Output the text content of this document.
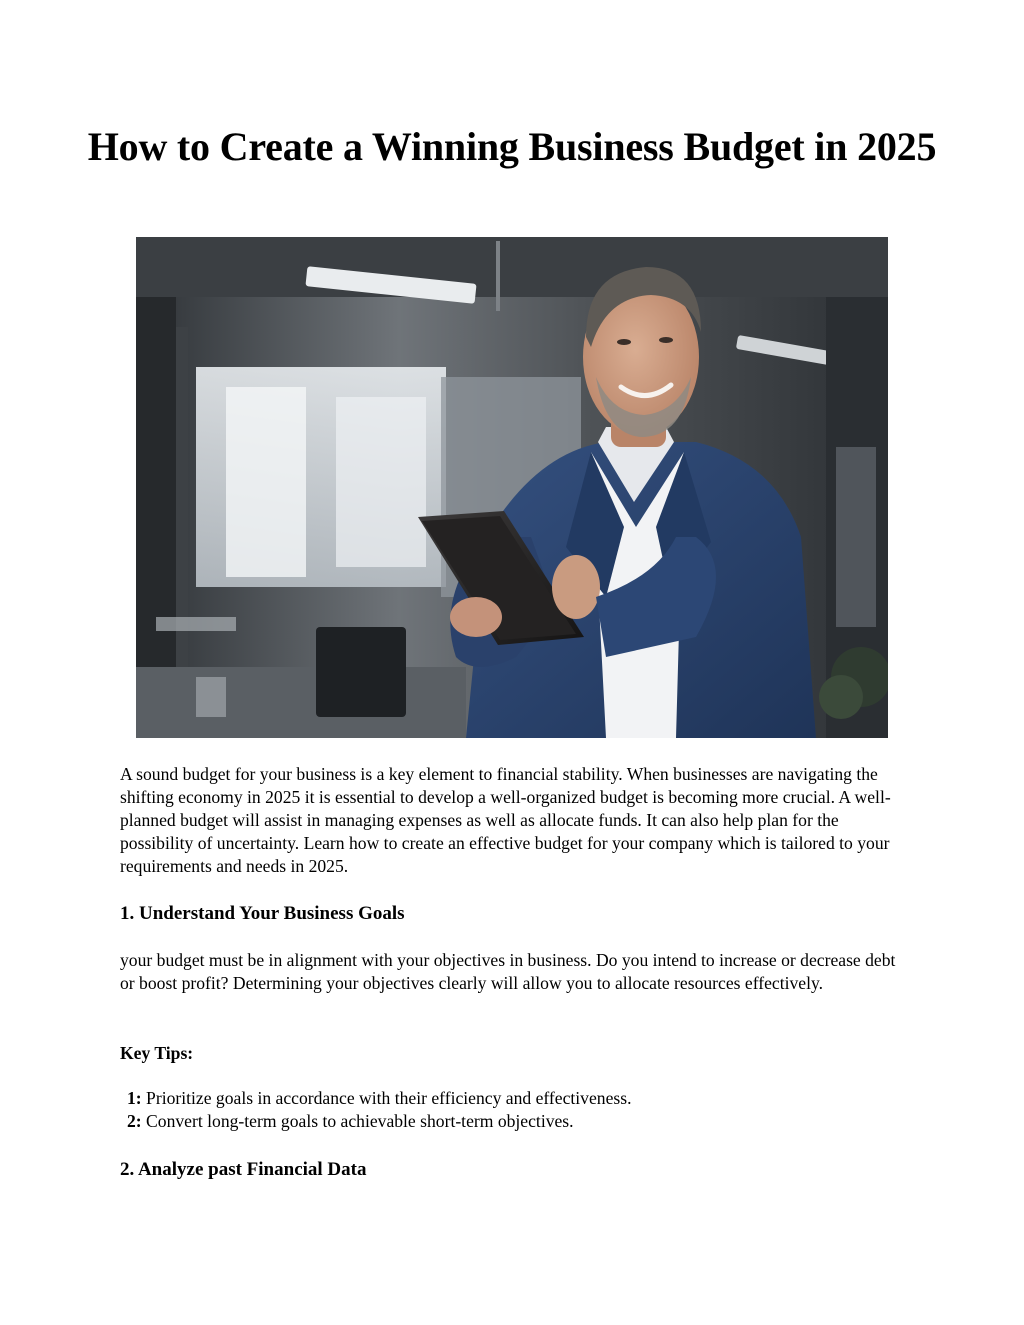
How to Create a Winning Business Budget in 2025

A sound budget for your business is a key element to financial stability. When businesses are navigating the shifting economy in 2025 it is essential to develop a well-organized budget is becoming more crucial. A well-planned budget will assist in managing expenses as well as allocate funds. It can also help plan for the possibility of uncertainty. Learn how to create an effective budget for your company which is tailored to your requirements and needs in 2025.

1. Understand Your Business Goals

your budget must be in alignment with your objectives in business. Do you intend to increase or decrease debt or boost profit? Determining your objectives clearly will allow you to allocate resources effectively.

Key Tips:

1: Prioritize goals in accordance with their efficiency and effectiveness.
2: Convert long-term goals to achievable short-term objectives.
2. Analyze past Financial Data
